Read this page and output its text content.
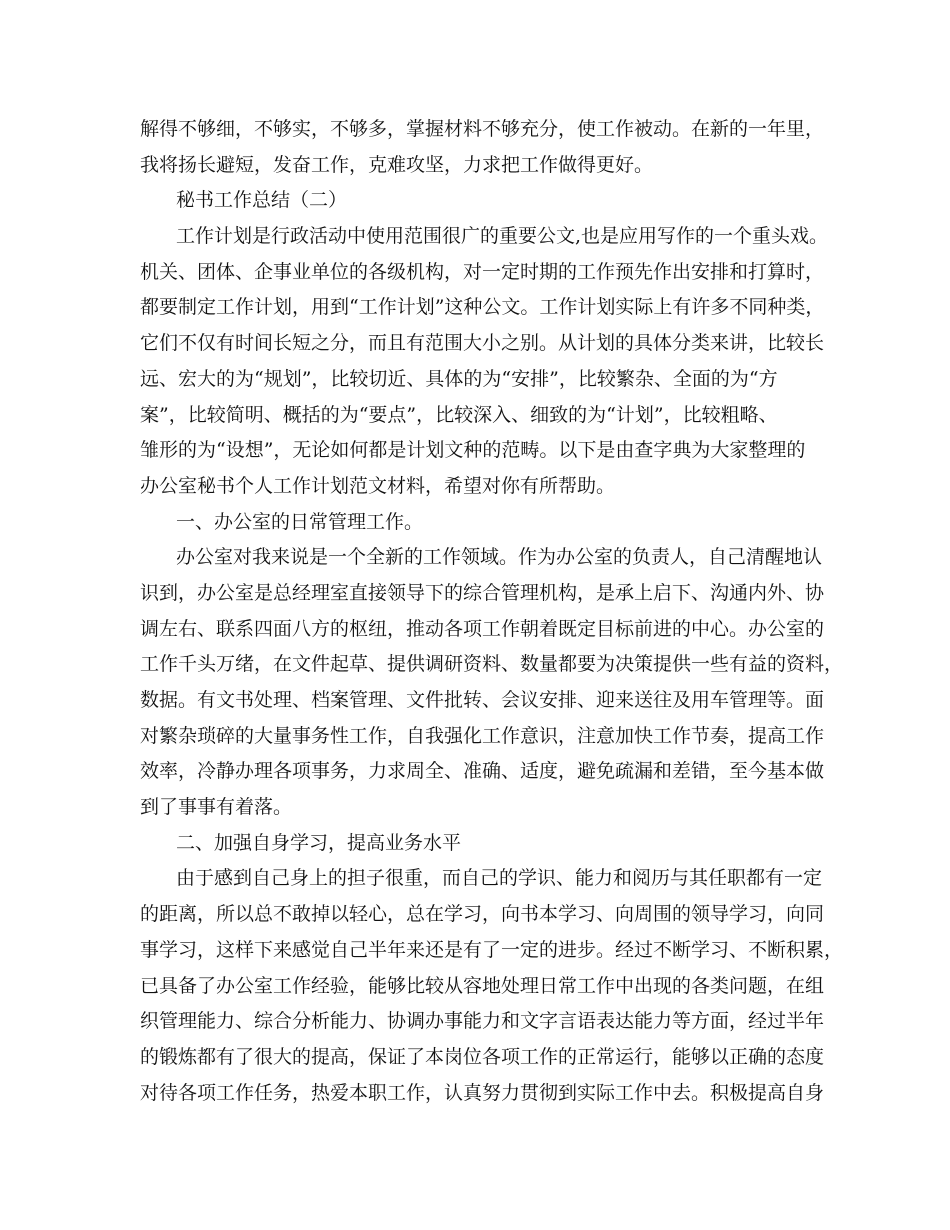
解得不够细，不够实，不够多，掌握材料不够充分，使工作被动。在新的一年里，
我将扬长避短，发奋工作，克难攻坚，力求把工作做得更好。
秘书工作总结（二）
工作计划是行政活动中使用范围很广的重要公文,也是应用写作的一个重头戏。
机关、团体、企事业单位的各级机构，对一定时期的工作预先作出安排和打算时，
都要制定工作计划，用到“工作计划”这种公文。工作计划实际上有许多不同种类，
它们不仅有时间长短之分，而且有范围大小之别。从计划的具体分类来讲，比较长
远、宏大的为“规划”，比较切近、具体的为“安排”，比较繁杂、全面的为“方
案”，比较简明、概括的为“要点”，比较深入、细致的为“计划”，比较粗略、
雏形的为“设想”，无论如何都是计划文种的范畴。以下是由查字典为大家整理的
办公室秘书个人工作计划范文材料，希望对你有所帮助。
一、办公室的日常管理工作。
办公室对我来说是一个全新的工作领域。作为办公室的负责人，自己清醒地认
识到，办公室是总经理室直接领导下的综合管理机构，是承上启下、沟通内外、协
调左右、联系四面八方的枢纽，推动各项工作朝着既定目标前进的中心。办公室的
工作千头万绪，在文件起草、提供调研资料、数量都要为决策提供一些有益的资料，
数据。有文书处理、档案管理、文件批转、会议安排、迎来送往及用车管理等。面
对繁杂琐碎的大量事务性工作，自我强化工作意识，注意加快工作节奏，提高工作
效率，冷静办理各项事务，力求周全、准确、适度，避免疏漏和差错，至今基本做
到了事事有着落。
二、加强自身学习，提高业务水平
由于感到自己身上的担子很重，而自己的学识、能力和阅历与其任职都有一定
的距离，所以总不敢掉以轻心，总在学习，向书本学习、向周围的领导学习，向同
事学习，这样下来感觉自己半年来还是有了一定的进步。经过不断学习、不断积累，
已具备了办公室工作经验，能够比较从容地处理日常工作中出现的各类问题，在组
织管理能力、综合分析能力、协调办事能力和文字言语表达能力等方面，经过半年
的锻炼都有了很大的提高，保证了本岗位各项工作的正常运行，能够以正确的态度
对待各项工作任务，热爱本职工作，认真努力贯彻到实际工作中去。积极提高自身
